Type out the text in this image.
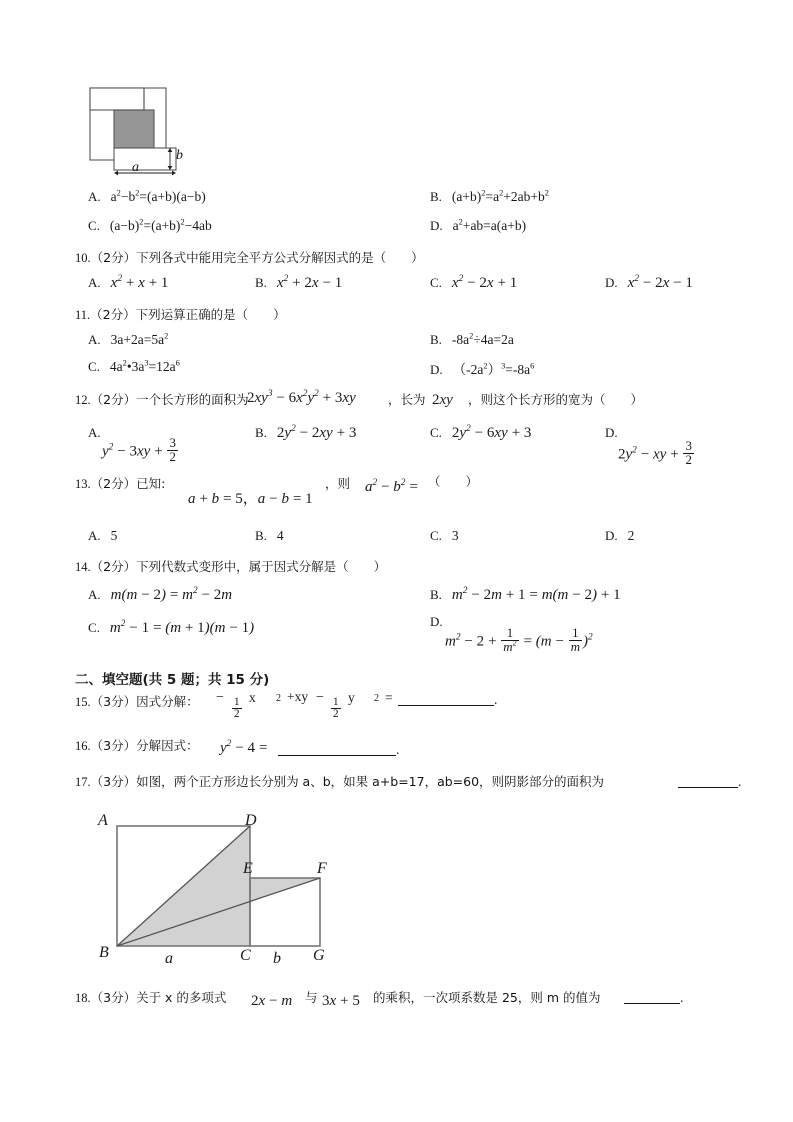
b
a
A. $a^2-b^2=(a+b)(a-b)$	B. $(a+b)^2=a^2+2ab+b^2$
C. $(a-b)^2=(a+b)^2-4ab$	D. $a^2+ab=a(a+b)$
10.（2分）下列各式中能用完全平方公式分解因式的是（　　）
A. $x^2 + x + 1$	B. $x^2 + 2x - 1$	C. $x^2 - 2x + 1$	D. $x^2 - 2x - 1$
11.（2分）下列运算正确的是（　　）
A. $3a+2a=5a^2$	B. $‑8a^2\div 4a=2a$
C. $4a^2•3a^3=12a^6$	D. $(‑2a^2)^3=‑8a^6$
12.（2分）一个长方形的面积为
$2xy^3 - 6x^2y^2 + 3xy$	，长为 2xy ，则这个长方形的宽为（　　）
A.
$y^2 - 3xy + \frac{3}{2}$
B. $2y^2 - 2xy + 3$	C. $2y^2 - 6xy + 3$	D.
$2y^2$ − xy +  $\frac{3}{2}$
13.（2分）已知:
a + b = 5，a − b = 1
，则 $a^2 - b^2$ = （　　）
A. 5	B. 4	C. 3	D. 2
14.（2分）下列代数式变形中，属于因式分解是（　　）
A. $m(m - 2) = m^2 - 2m$	B. $m^2 - 2m + 1 = m(m - 2) + 1$
C. $m^2 - 1 = (m + 1)(m - 1)$	D.
$m^2 - 2 + \frac{1}{m^2} = (m - \frac{1}{m} )^2$
二、填空题(共 5 题；共 15 分)
15.（3分）因式分解： − $\frac{1}{2}$ x $2 +xy - \frac{1}{2}$ y 2 =	.
16.（3分）分解因式： $y^2 - 4$ =	.
17.（3分）如图，两个正方形边长分别为 a、b，如果 a+b=17，ab=60，则阴影部分的面积为	.
A	D
E	F
B	C	G
a	b
18.（3分）关于 x 的多项式 2x − m 与 3x + 5 的乘积，一次项系数是 25，则 m 的值为	.
